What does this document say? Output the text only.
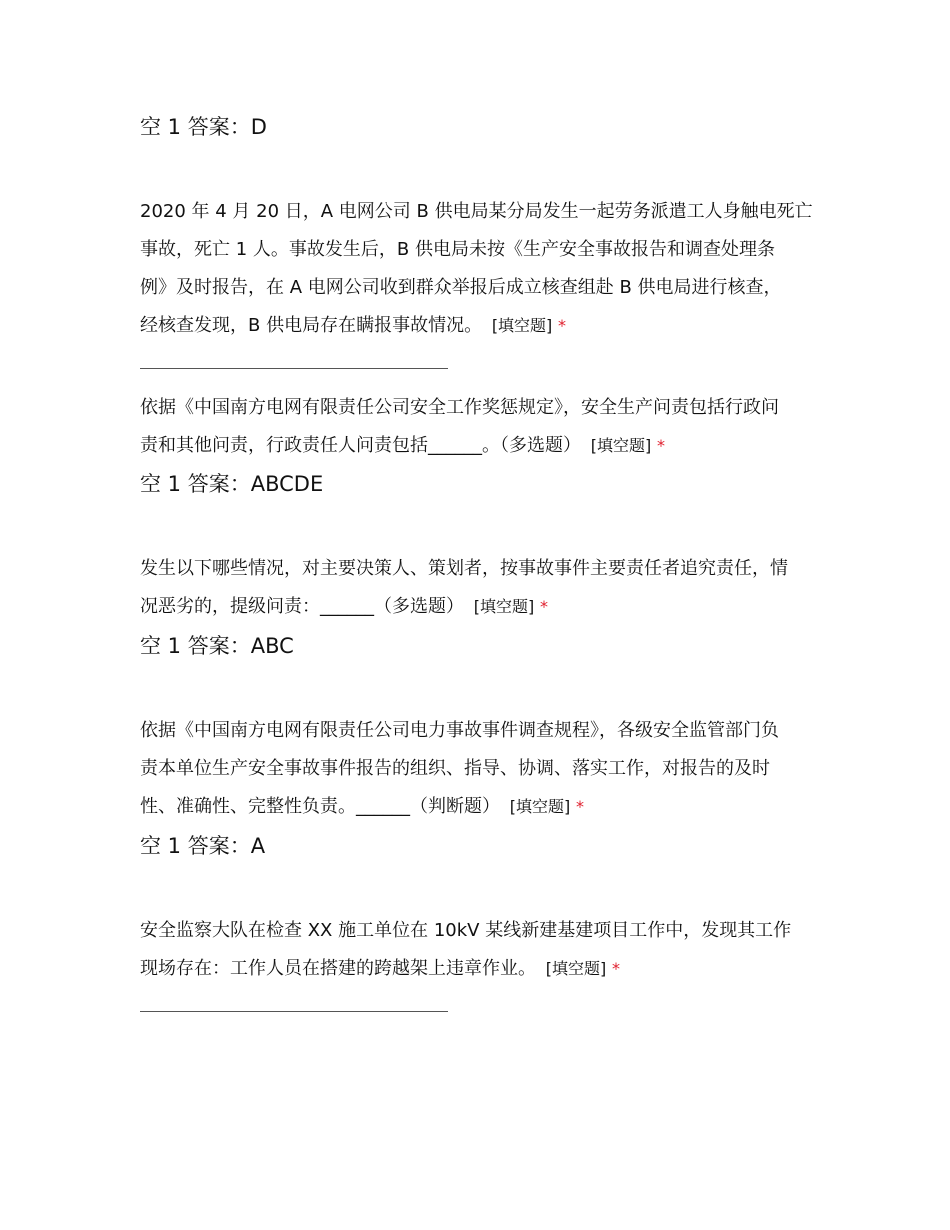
空 1 答案：D
2020 年 4 月 20 日，A 电网公司 B 供电局某分局发生一起劳务派遣工人身触电死亡
事故，死亡 1 人。事故发生后，B 供电局未按《生产安全事故报告和调查处理条
例》及时报告，在 A 电网公司收到群众举报后成立核查组赴 B 供电局进行核查，
经核查发现，B 供电局存在瞒报事故情况。 [填空题] *
依据《中国南方电网有限责任公司安全工作奖惩规定》，安全生产问责包括行政问
责和其他问责，行政责任人问责包括______。（多选题） [填空题] *
空 1 答案：ABCDE
发生以下哪些情况，对主要决策人、策划者，按事故事件主要责任者追究责任，情
况恶劣的，提级问责：______（多选题） [填空题] *
空 1 答案：ABC
依据《中国南方电网有限责任公司电力事故事件调查规程》，各级安全监管部门负
责本单位生产安全事故事件报告的组织、指导、协调、落实工作，对报告的及时
性、准确性、完整性负责。______（判断题） [填空题] *
空 1 答案：A
安全监察大队在检查 XX 施工单位在 10kV 某线新建基建项目工作中，发现其工作
现场存在：工作人员在搭建的跨越架上违章作业。 [填空题] *
